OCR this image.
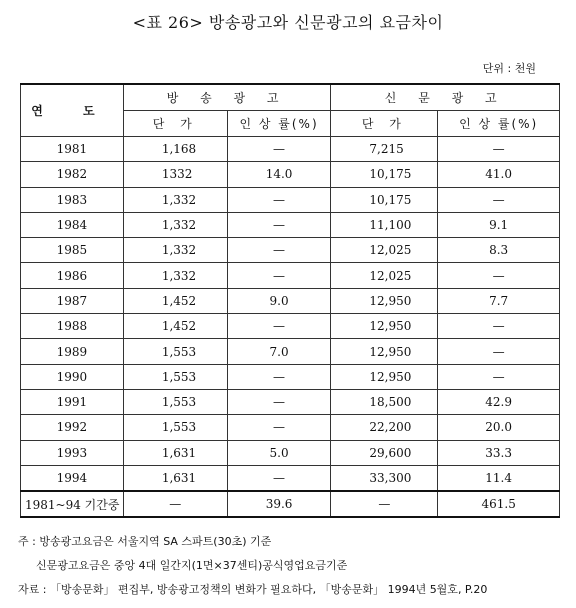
<표 26> 방송광고와 신문광고의 요금차이
단위 : 천원
연 도	방 송 광 고		신 문 광 고	
	단 가	인 상 률(%)	단 가	인 상 률(%)
1981	1,168	—	7,215	—
1982	1332	14.0	10,175	41.0
1983	1,332	—	10,175	—
1984	1,332	—	11,100	9.1
1985	1,332	—	12,025	8.3
1986	1,332	—	12,025	—
1987	1,452	9.0	12,950	7.7
1988	1,452	—	12,950	—
1989	1,553	7.0	12,950	—
1990	1,553	—	12,950	—
1991	1,553	—	18,500	42.9
1992	1,553	—	22,200	20.0
1993	1,631	5.0	29,600	33.3
1994	1,631	—	33,300	11.4
1981~94 기간중	—	39.6	—	461.5
주 : 방송광고요금은 서울지역 SA 스파트(30초) 기준
신문광고요금은 중앙 4대 일간지(1면×37센티)공식영업요금기준
자료 : 「방송문화」 편집부, 방송광고정책의 변화가 필요하다, 「방송문화」 1994년 5월호, P.20
